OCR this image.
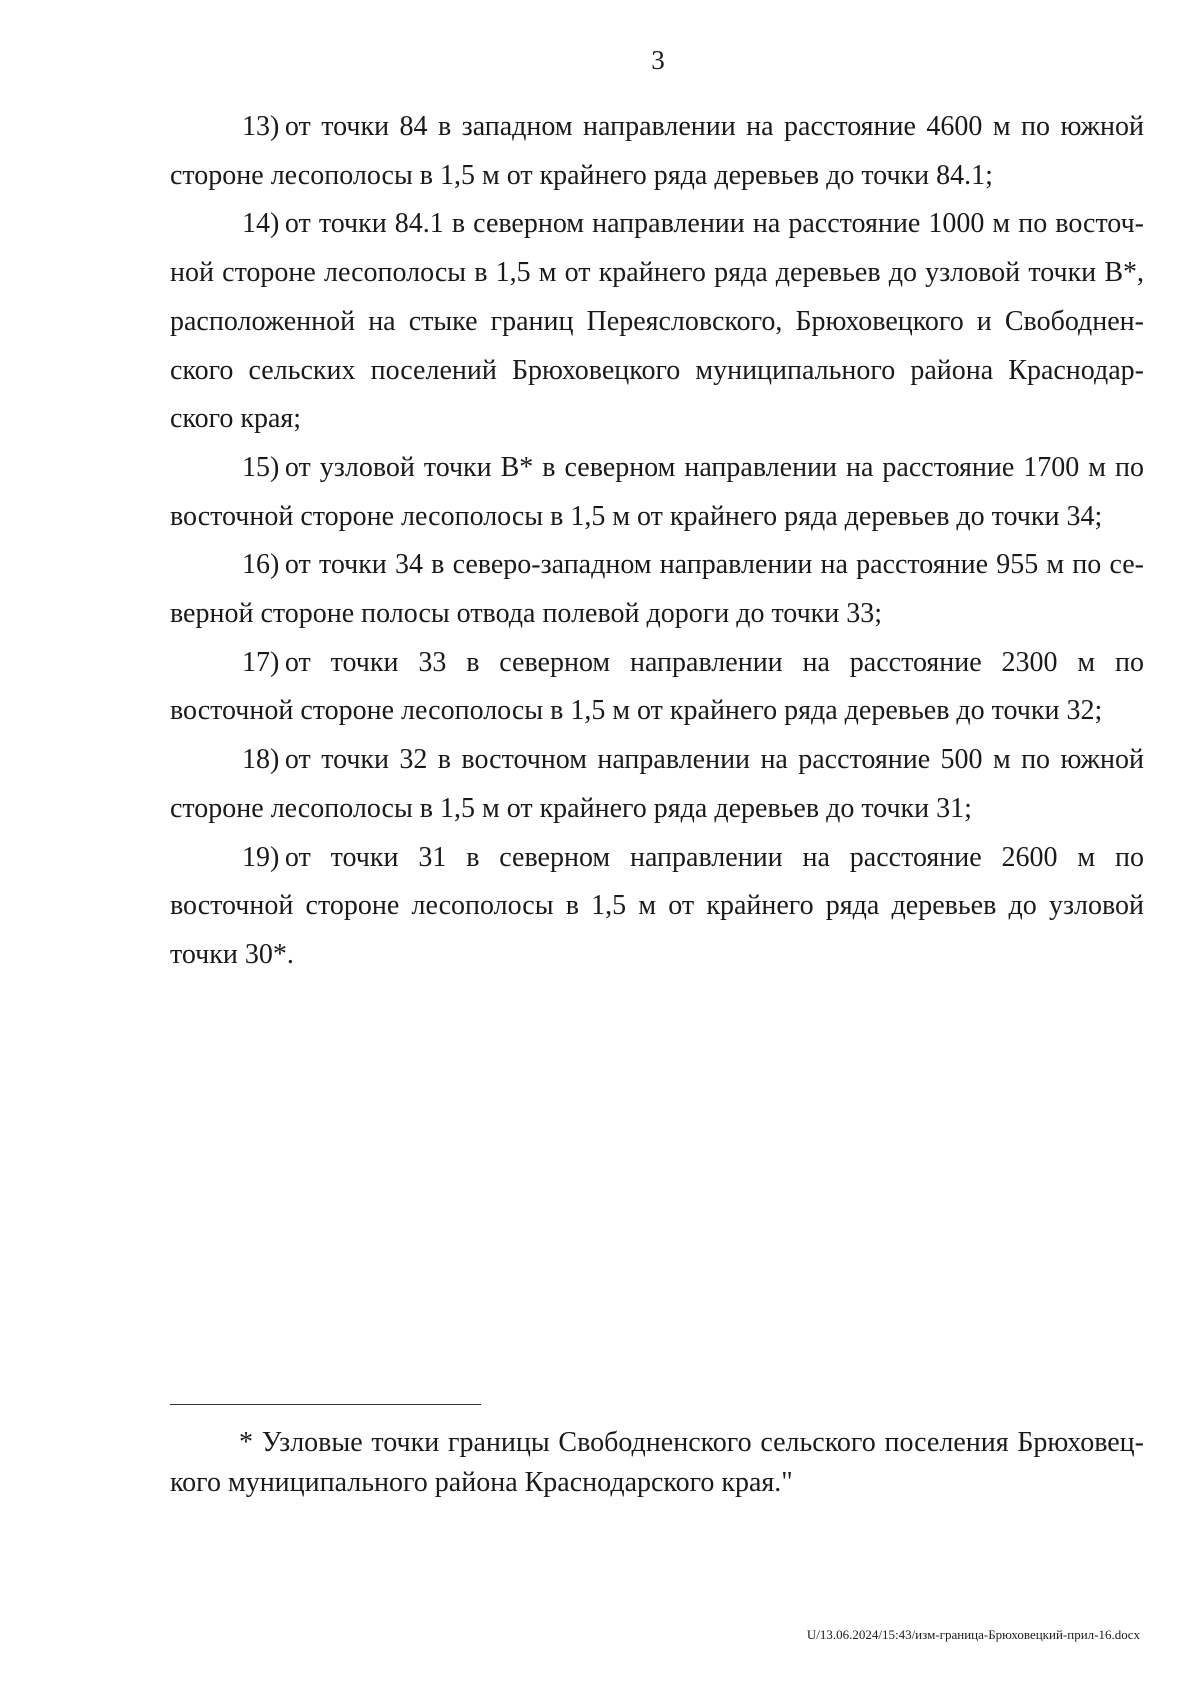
3

13) от точки 84 в западном направлении на расстояние 4600 м по южной стороне лесополосы в 1,5 м от крайнего ряда деревьев до точки 84.1;

14) от точки 84.1 в северном направлении на расстояние 1000 м по восточной стороне лесополосы в 1,5 м от крайнего ряда деревьев до узловой точки В*, расположенной на стыке границ Переясловского, Брюховецкого и Свободненского сельских поселений Брюховецкого муниципального района Краснодарского края;

15) от узловой точки В* в северном направлении на расстояние 1700 м по восточной стороне лесополосы в 1,5 м от крайнего ряда деревьев до точки 34;

16) от точки 34 в северо-западном направлении на расстояние 955 м по северной стороне полосы отвода полевой дороги до точки 33;

17) от точки 33 в северном направлении на расстояние 2300 м по восточной стороне лесополосы в 1,5 м от крайнего ряда деревьев до точки 32;

18) от точки 32 в восточном направлении на расстояние 500 м по южной стороне лесополосы в 1,5 м от крайнего ряда деревьев до точки 31;

19) от точки 31 в северном направлении на расстояние 2600 м по восточной стороне лесополосы в 1,5 м от крайнего ряда деревьев до узловой точки 30*.

* Узловые точки границы Свободненского сельского поселения Брюховецкого муниципального района Краснодарского края."

U/13.06.2024/15:43/изм-граница-Брюховецкий-прил-16.docx
